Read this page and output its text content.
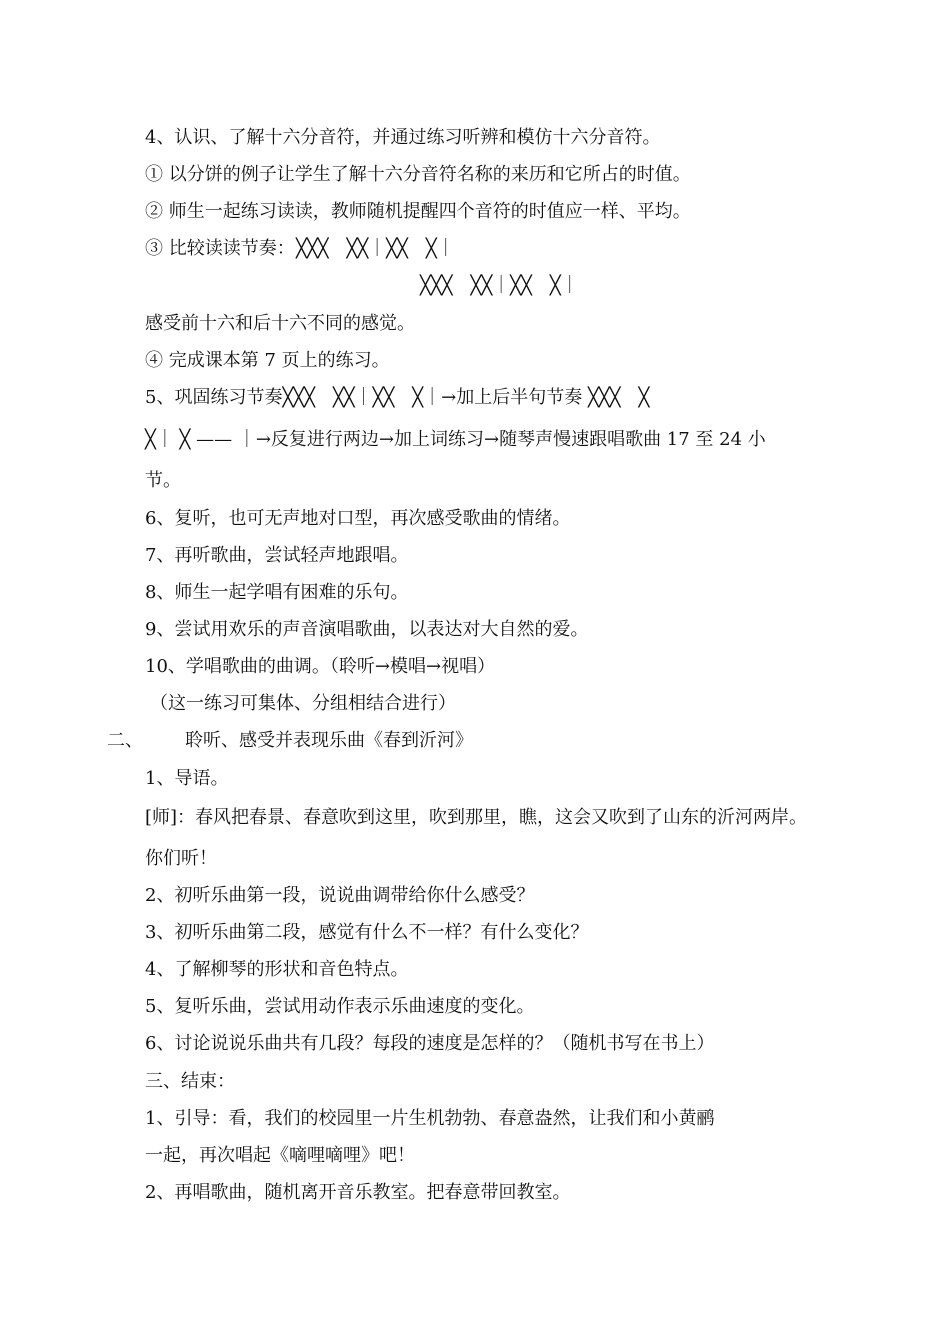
4、认识、了解十六分音符，并通过练习听辨和模仿十六分音符。
① 以分饼的例子让学生了解十六分音符名称的来历和它所占的时值。
② 师生一起练习读读，教师随机提醒四个音符的时值应一样、平均。
③ 比较读读节奏： ╳╳╳　╳╳｜╳╳　╳｜
╳╳╳　╳╳｜╳╳　╳｜
感受前十六和后十六不同的感觉。
④ 完成课本第 7 页上的练习。
5、巩固练习节奏╳╳╳　╳╳｜╳╳　╳｜→加上后半句节奏 ╳╳╳　╳
╳｜ ╳ —— ｜→反复进行两边→加上词练习→随琴声慢速跟唱歌曲 17 至 24 小
节。
6、复听，也可无声地对口型，再次感受歌曲的情绪。
7、再听歌曲，尝试轻声地跟唱。
8、师生一起学唱有困难的乐句。
9、尝试用欢乐的声音演唱歌曲，以表达对大自然的爱。
10、学唱歌曲的曲调。（聆听→模唱→视唱）
（这一练习可集体、分组相结合进行）
二、 聆听、感受并表现乐曲《春到沂河》
1、导语。
[师]：春风把春景、春意吹到这里，吹到那里，瞧，这会又吹到了山东的沂河两岸。
你们听！
2、初听乐曲第一段，说说曲调带给你什么感受？
3、初听乐曲第二段，感觉有什么不一样？有什么变化？
4、了解柳琴的形状和音色特点。
5、复听乐曲，尝试用动作表示乐曲速度的变化。
6、讨论说说乐曲共有几段？每段的速度是怎样的？（随机书写在书上）
三、结束：
1、引导：看，我们的校园里一片生机勃勃、春意盎然，让我们和小黄鹂
一起，再次唱起《嘀哩嘀哩》吧！
2、再唱歌曲，随机离开音乐教室。把春意带回教室。
